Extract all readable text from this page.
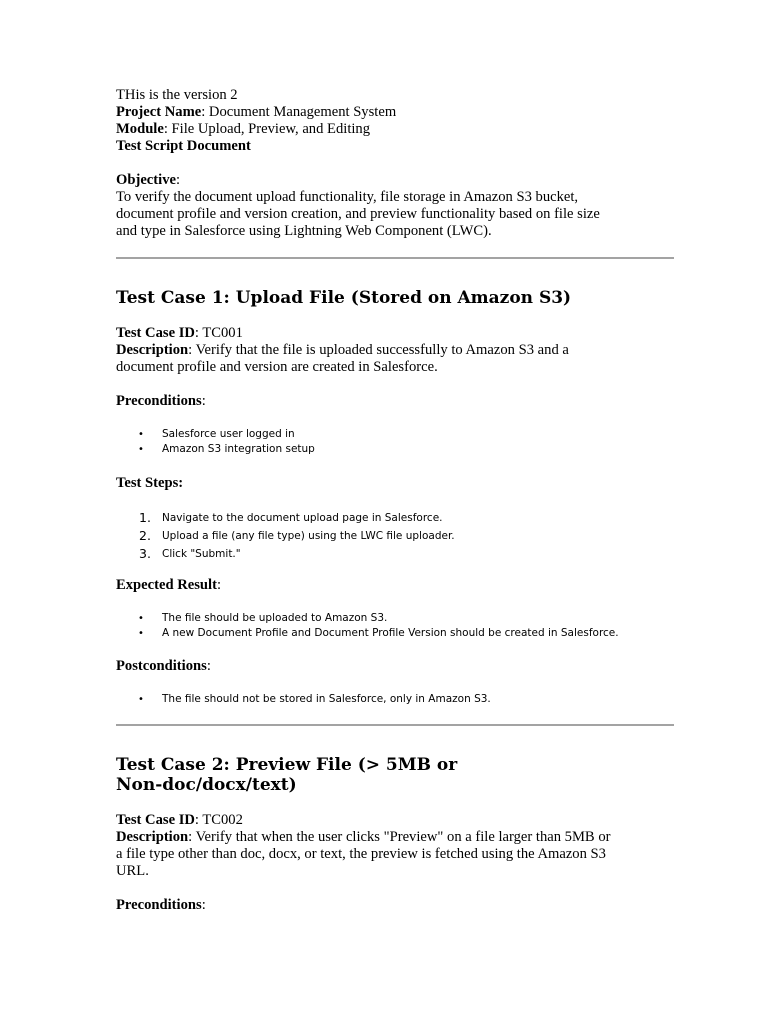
THis is the version 2

Project Name: Document Management System

Module: File Upload, Preview, and Editing

Test Script Document

Objective:

To verify the document upload functionality, file storage in Amazon S3 bucket,

document profile and version creation, and preview functionality based on file size

and type in Salesforce using Lightning Web Component (LWC).

Test Case 1: Upload File (Stored on Amazon S3)

Test Case ID: TC001

Description: Verify that the file is uploaded successfully to Amazon S3 and a

document profile and version are created in Salesforce.

Preconditions:

• Salesforce user logged in
• Amazon S3 integration setup

Test Steps:

1. Navigate to the document upload page in Salesforce.
2. Upload a file (any file type) using the LWC file uploader.
3. Click "Submit."

Expected Result:

• The file should be uploaded to Amazon S3.
• A new Document Profile and Document Profile Version should be created in Salesforce.

Postconditions:

• The file should not be stored in Salesforce, only in Amazon S3.
Test Case 2: Preview File (> 5MB or
Non-doc/docx/text)

Test Case ID: TC002

Description: Verify that when the user clicks "Preview" on a file larger than 5MB or

a file type other than doc, docx, or text, the preview is fetched using the Amazon S3

URL.

Preconditions:
